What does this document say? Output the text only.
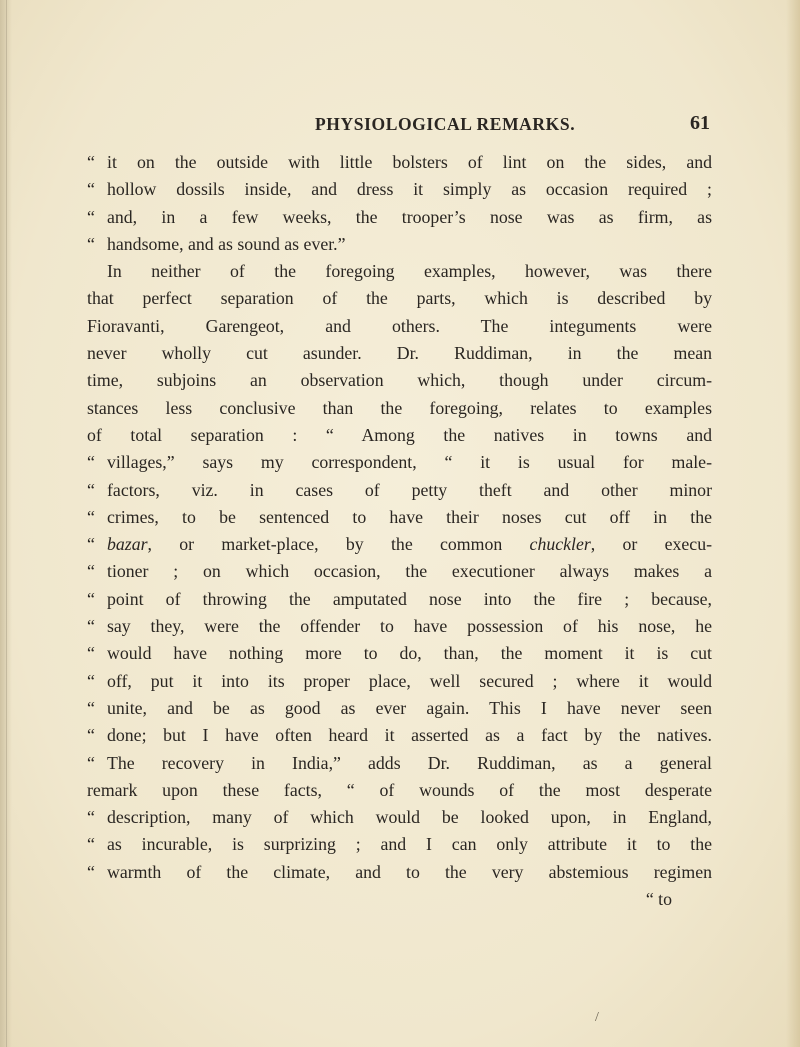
PHYSIOLOGICAL REMARKS.	61
“ it on the outside with little bolsters of lint on the sides, and
“ hollow dossils inside, and dress it simply as occasion required ;
“ and, in a few weeks, the trooper’s nose was as firm, as
“ handsome, and as sound as ever.”
In neither of the foregoing examples, however, was there
that perfect separation of the parts, which is described by
Fioravanti, Garengeot, and others. The integuments were
never wholly cut asunder. Dr. Ruddiman, in the mean
time, subjoins an observation which, though under circum-
stances less conclusive than the foregoing, relates to examples
of total separation : “ Among the natives in towns and
“ villages,” says my correspondent, “ it is usual for male-
“ factors, viz. in cases of petty theft and other minor
“ crimes, to be sentenced to have their noses cut off in the
“ bazar, or market-place, by the common chuckler, or execu-
“ tioner ; on which occasion, the executioner always makes a
“ point of throwing the amputated nose into the fire ; because,
“ say they, were the offender to have possession of his nose, he
“ would have nothing more to do, than, the moment it is cut
“ off, put it into its proper place, well secured ; where it would
“ unite, and be as good as ever again. This I have never seen
“ done; but I have often heard it asserted as a fact by the natives.
“ The recovery in India,” adds Dr. Ruddiman, as a general
remark upon these facts, “ of wounds of the most desperate
“ description, many of which would be looked upon, in England,
“ as incurable, is surprizing ; and I can only attribute it to the
“ warmth of the climate, and to the very abstemious regimen
“ to
/
